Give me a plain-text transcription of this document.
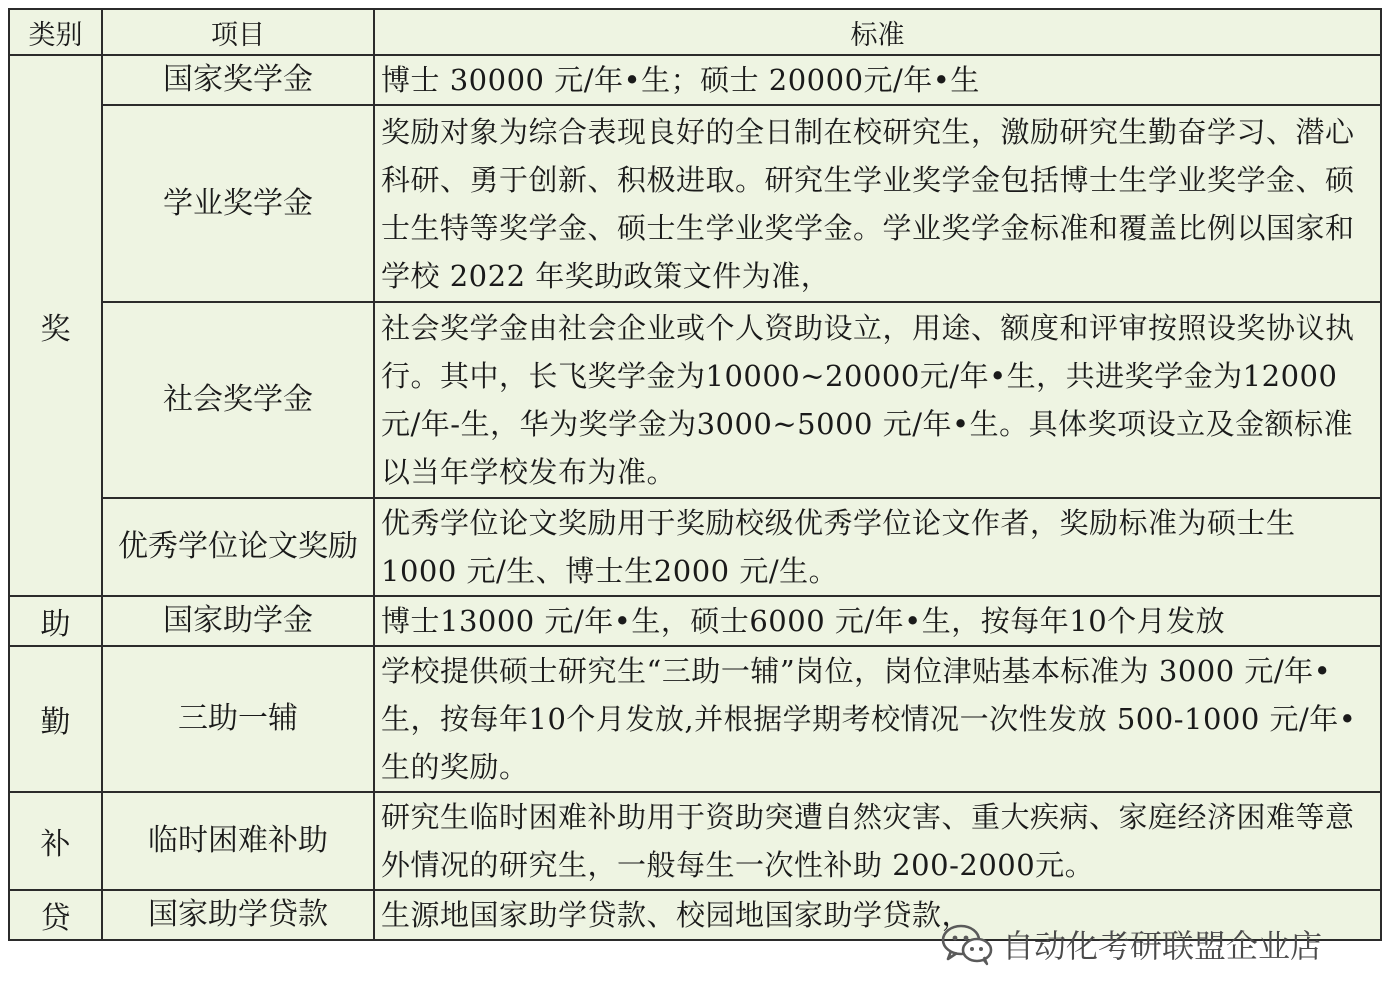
类别	项目	标准
奖	国家奖学金	博士 30000 元/年•生；硕士 20000元/年•生
	学业奖学金	奖励对象为综合表现良好的全日制在校研究生，激励研究生勤奋学习、潜心科研、勇于创新、积极进取。研究生学业奖学金包括博士生学业奖学金、硕士生特等奖学金、硕士生学业奖学金。学业奖学金标准和覆盖比例以国家和学校 2022 年奖助政策文件为准，
	社会奖学金	社会奖学金由社会企业或个人资助设立，用途、额度和评审按照设奖协议执行。其中，长飞奖学金为10000~20000元/年•生，共进奖学金为12000 元/年-生，华为奖学金为3000~5000 元/年•生。具体奖项设立及金额标准以当年学校发布为准。
	优秀学位论文奖励	优秀学位论文奖励用于奖励校级优秀学位论文作者，奖励标准为硕士生1000 元/生、博士生2000 元/生。
助	国家助学金	博士13000 元/年•生，硕士6000 元/年•生，按每年10个月发放
勤	三助一辅	学校提供硕士研究生“三助一辅”岗位，岗位津贴基本标准为 3000 元/年•生，按每年10个月发放,并根据学期考校情况一次性发放 500-1000 元/年•生的奖励。
补	临时困难补助	研究生临时困难补助用于资助突遭自然灾害、重大疾病、家庭经济困难等意外情况的研究生，一般每生一次性补助 200-2000元。
贷	国家助学贷款	生源地国家助学贷款、校园地国家助学贷款，
自动化考研联盟企业店
